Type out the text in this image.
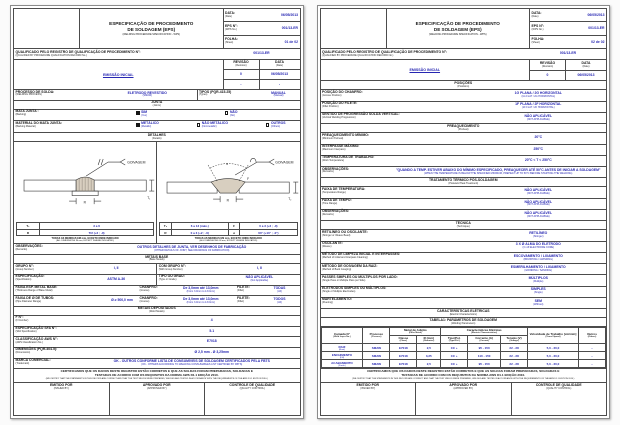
ESPECIFICAÇÃO DE PROCEDIMENTO
DE SOLDAGEM (EPS)
(WELDING PROCEDURE SPECIFICATION - WPS)
DATA:
(Date)	06/05/2013
EPS N°:
(WPS No.)	001/13-ER
FOLHA:
(Sheet)	01 de 02
QUALIFICADO PELO REGISTRO DE QUALIFICAÇÃO DE PROCEDIMENTO N°:
(QUALIFIED BY PROCEDURE QUALIFICATION RECORD No.)
001/13-ER
EMISSÃO INICIAL
REVISÃO
(Revision)
DATA
(Date)
0	06/05/2013
-	-
PROCESSO DE SOLDA:
(WELDING PROCESS)
ELETRODO REVESTIDO
(SMAW)
TIPOS (PQR-415.25)
(Types)
MANUAL
(Manual)
JUNTA
(Joints)
MATA JUNTA :
(Backing)
SIM
(Yes)
NÃO
(No)
MATERIAL DO MATA JUNTA:
(Backing Material)
METÁLICO
(Metallic)
NÃO METÁLICO
(Nonmetallic)
OUTROS
(Others)
DETALHES
(Details)
GOIVAGEM
R
T₁
T₁	3 a 6
R	T/2 (+2 ; -0)
TODAS AS MEDIDAS EM mm, EXCETO ONDE INDICADO
(ALL DIMENSIONS IN mm, EXCEPT WHERE INDICATED)
GOIVAGEM
α
R
F
T₂
T₂	6 a 13 (máx.)	F	0 a 3 (+2 ; -0)
R	0 a 3 (+2 ; -0)	α	60° (+10° ; -0°)
TODAS AS MEDIDAS EM mm, EXCETO ONDE INDICADO
(ALL DIMENSIONS IN mm, EXCEPT WHERE INDICATED)
OBSERVAÇÕES:
(Remarks)
OUTROS DETALHES DE JUNTA, VER DESENHOS DE FABRICAÇÃO
(OTHER DETAILS OF JOINT, SEE DRAWINGS OF FABRICATION)
METAIS BASE
(Base Metals)
GRUPO N°:
(Group Number)	I, II
COM GRUPO N°:
(With Group Number)	I, II
ESPECIFICAÇÃO:
(Specification)	ASTM A-36
TIPO OU GRAU:
(Type or Grade)
NÃO APLICÁVEL
(Not Applicable)
FAIXA ESP. METAL BASE:
(Thickness Range of Base Metal)
CHANFRO:
(Groove)
De 3,0mm até 13,0mm
(From 3.0mm to 13.0mm)
FILETE:
(Fillet)
TODAS
(All)
FAIXA DE Ø DE TUBOS:
(Pipe Diameter Range)	Ø ≥ 500,0 mm
CHANFRO:
(Groove)
De 3,0mm até 13,0mm
(From 3.0mm to 13.0mm)
FILETE:
(Fillet)
TODOS
(All)
METAIS DEPOSITADOS
(Weld Metals)
F N°:
(F Number)	4
ESPECIFICAÇÃO SFA N°:
(SFA Specification)	5.1
CLASSIFICAÇÃO AWS N°:
(AWS Classification No.)	E7018
DIMENSÕES (PQR-404.5):
(Dimensions)	Ø 2,5 mm - Ø 3,25mm
MARCA COMERCIAL:
(Trademark)
OK - OUTROS CONFORME LISTA DE CONSUMÍVEIS DE SOLDAGEM CERTIFICADOS PELA FBTS
(OK - OTHERS ACCORDING TO WELDING CONSUMABLES LIST CERTIFIED BY FBTS)
CERTIFICAMOS QUE OS DADOS DESTE REGISTRO ESTÃO CORRETOS E QUE AS SOLDAS FORAM PREPARADAS, SOLDADAS E
TESTADAS DE ACORDO COM OS REQUISITOS DA NORMA AWS D1.1 EDIÇÃO 2010.
(WE CERTIFY THAT THE STATEMENTS IN THIS RECORD ARE CORRECT AND THAT THE TEST WELDS WERE PREPARED, WELDED AND TESTED IN ACCORDANCE WITH THE REQUIREMENTS OF THE AWS D1.1 EDITION 2010.)
EMITIDO POR
(ISSUED BY)
APROVADO POR
(APPROVED BY)
CONTROLE DE QUALIDADE
(QUALITY CONTROL)
ESPECIFICAÇÃO DE PROCEDIMENTO
DE SOLDAGEM (EPS)
(WELDING PROCEDURE SPECIFICATION - WPS)
DATA:
(Date)	06/05/2013
EPS N°:
(WPS No.)	001/13-ER
FOLHA:
(Sheet)	02 de 02
QUALIFICADO PELO REGISTRO DE QUALIFICAÇÃO DE PROCEDIMENTO N°:
(QUALIFIED BY PROCEDURE QUALIFICATION RECORD No.)
001/13-ER
EMISSÃO INICIAL
REVISÃO
(Revision)
DATA
(Date)
0	06/05/2013
POSIÇÕES
(Positions)
POSIÇÃO DO CHANFRO:
(Groove Position)
1G PLANA / 2G HORIZONTAL
(1G FLAT / 2G HORIZONTAL)
POSIÇÃO DO FILETE:
(Fillet Position)
1F PLANA / 2F HORIZONTAL
(1F FLAT / 2F HORIZONTAL)
SENTIDO DE PROGRESSÃO SOLDA VERTICAL:
(Vertical Welding Progression)
NÃO APLICÁVEL
(NOT APPLICABLE)
PREAQUECIMENTO
(Preheat)
PREAQUECIMENTO MÍNIMO:
(Minimum Preheat)	20°C
INTERPASSE MÁXIMO:
(Maximum Interpass)	250°C
TEMPERATURA DE TRABALHO:
(Work Temperature)	20°C < T < 250°C
OBSERVAÇÕES:
(Remarks)
"QUANDO A TEMP. ESTIVER ABAIXO DO MÍNIMO ESPECIFICADO, PREAQUECER ATÉ 50°C ANTES DE INICIAR A SOLDAGEM"
(WHEN THE TEMPERATURE IS BELOW THE SPECIFIED MINIMUM, PREHEAT UP TO 50°C BEFORE STARTING THE WELDING)
TRATAMENTO TÉRMICO PÓS-SOLDAGEM
(Postweld Heat Treatment)
FAIXA DE TEMPERATURA:
(Temperature Range)
NÃO APLICÁVEL
(NOT APPLICABLE)
FAIXA DE TEMPO:
(Time Range)
NÃO APLICÁVEL
(NOT APPLICABLE)
OBSERVAÇÕES:
(Remarks)
NÃO APLICÁVEL
(NOT APPLICABLE)
TÉCNICA
(Technique)
RETILÍNEO OU OSCILANTE:
(Stringer or Weave Bead)
RETILÍNEO
(Stringer)
OSCILANTE:
(Weave)
3 X Ø ALMA DO ELETRODO
(3 x Ø ELECTRODE CORE)
MÉTODO DE LIMPEZA INICIAL E INTERPASSES:
(Method of Initial and Interpass Cleaning)
ESCOVAMENTO / LIXAMENTO
(BRUSHING / GRINDING)
MÉTODO DE GOIVAGEM DA RAIZ:
(Method of Back Gouging)
ESMERILHAMENTO / LIXAMENTO
(GRINDING / SANDING)
PASSES SIMPLES OU MÚLTIPLOS POR LADO:
(Single Pass or Multiple Pass per Side)
MÚLTIPLOS
(Multiple)
ELETRODOS SIMPLES OU MÚLTIPLOS:
(Single or Multiple Electrodes)
SIMPLES
(Single)
MARTELAMENTO:
(Peening)
SEM
(Without)
CARACTERÍSTICAS ELÉTRICAS
(Electric Characteristics)
TABELA1: PARÂMETROS DE SOLDAGEM
(Welding Parameters)
Camada N°
(Weld Layer No.)	Processo
(Process)	Metal de Adição
(Filler Metal)		Características Elétricas
(Electric Characteristics)			Velocidade de Trabalho [cm/min]
(Travel Speed)	Outros
(Others)

		Classe
(Class)	Ø (mm)
(Diameter)	Tipo/Pol.
(Type/Pol.)	Corrente (A)
(Current)	Tensão (V)
(Voltage)		

RAIZ
(Root)	SMAW	E7018	2,5	CC +	95 - 150	22 - 28	5,0 - 20,0	--
ENCHIMENTO
(Fill)	SMAW	E7018	3,25	CC +	110 - 150	22 - 28	5,0 - 20,0	--
ACABAMENTO
(Finish)	SMAW	E7018	2,5	CC +	95 - 150	22 - 28	5,0 - 20,0	--
CERTIFICAMOS QUE OS DADOS DESTE REGISTRO ESTÃO CORRETOS E QUE AS SOLDAS FORAM PREPARADAS, SOLDADAS E
TESTADAS DE ACORDO COM OS REQUISITOS DA NORMA AWS D1.1 EDIÇÃO 2010.
(WE CERTIFY THAT THE STATEMENTS IN THIS RECORD ARE CORRECT AND THAT THE TEST WELDS WERE PREPARED, WELDED AND TESTED IN ACCORDANCE WITH THE REQUIREMENTS OF THE AWS D1.1 EDITION 2010.)
EMITIDO POR
(ISSUED BY)
APROVADO POR
(APPROVED BY)
CONTROLE DE QUALIDADE
(QUALITY CONTROL)
